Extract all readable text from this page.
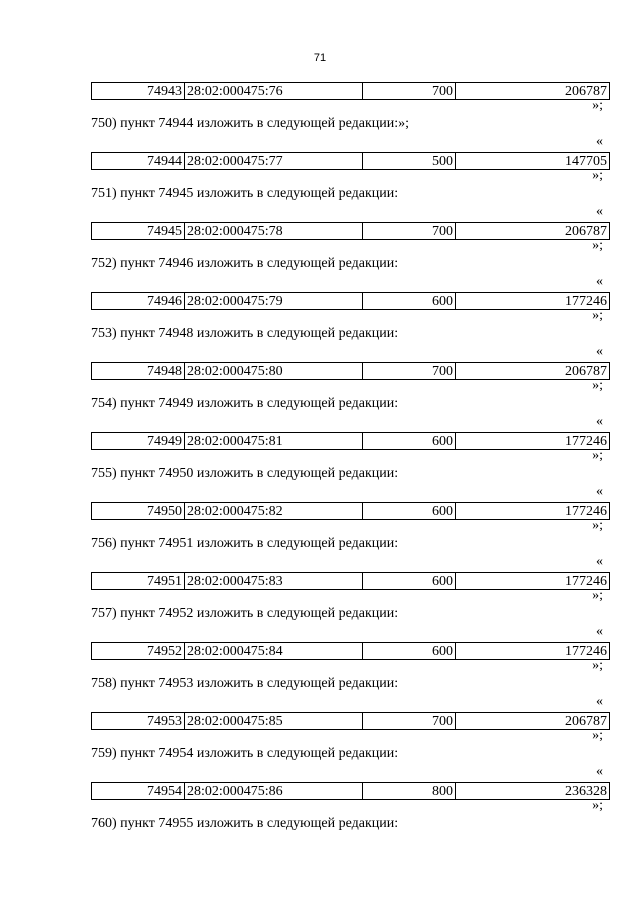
71
74943	28:02:000475:76	700	206787
»;
750) пункт 74944 изложить в следующей редакции:»;
«
74944	28:02:000475:77	500	147705
»;
751) пункт 74945 изложить в следующей редакции:
«
74945	28:02:000475:78	700	206787
»;
752) пункт 74946 изложить в следующей редакции:
«
74946	28:02:000475:79	600	177246
»;
753) пункт 74948 изложить в следующей редакции:
«
74948	28:02:000475:80	700	206787
»;
754) пункт 74949 изложить в следующей редакции:
«
74949	28:02:000475:81	600	177246
»;
755) пункт 74950 изложить в следующей редакции:
«
74950	28:02:000475:82	600	177246
»;
756) пункт 74951 изложить в следующей редакции:
«
74951	28:02:000475:83	600	177246
»;
757) пункт 74952 изложить в следующей редакции:
«
74952	28:02:000475:84	600	177246
»;
758) пункт 74953 изложить в следующей редакции:
«
74953	28:02:000475:85	700	206787
»;
759) пункт 74954 изложить в следующей редакции:
«
74954	28:02:000475:86	800	236328
»;
760) пункт 74955 изложить в следующей редакции:
